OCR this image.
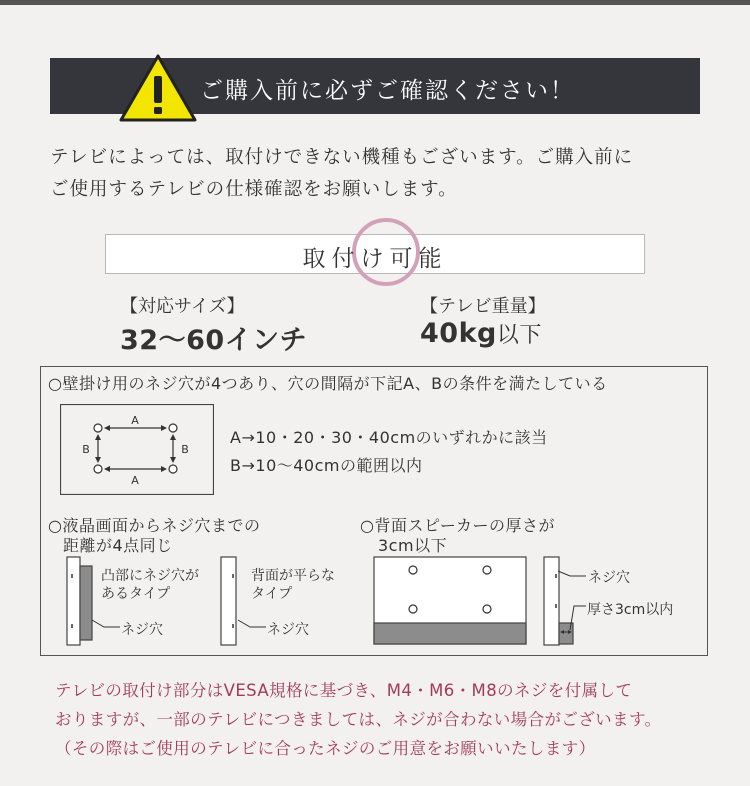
ご購入前に必ずご確認ください！

テレビによっては、取付けできない機種もございます。ご購入前に

ご使用するテレビの仕様確認をお願いします。

取付け可能
【対応サイズ】
32〜60インチ
【テレビ重量】
40kg以下
○壁掛け用のネジ穴が4つあり、穴の間隔が下記A、Bの条件を満たしている
A
A
B	B
A→10・20・30・40cmのいずれかに該当
B→10〜40cmの範囲以内
○液晶画面からネジ穴までの
距離が4点同じ
凸部にネジ穴が
あるタイプ
ネジ穴
背面が平らな
タイプ
ネジ穴
○背面スピーカーの厚さが
3cm以下
ネジ穴
厚さ3cm以内

テレビの取付け部分はVESA規格に基づき、M4・M6・M8のネジを付属して

おりますが、一部のテレビにつきましては、ネジが合わない場合がございます。

（その際はご使用のテレビに合ったネジのご用意をお願いいたします）
